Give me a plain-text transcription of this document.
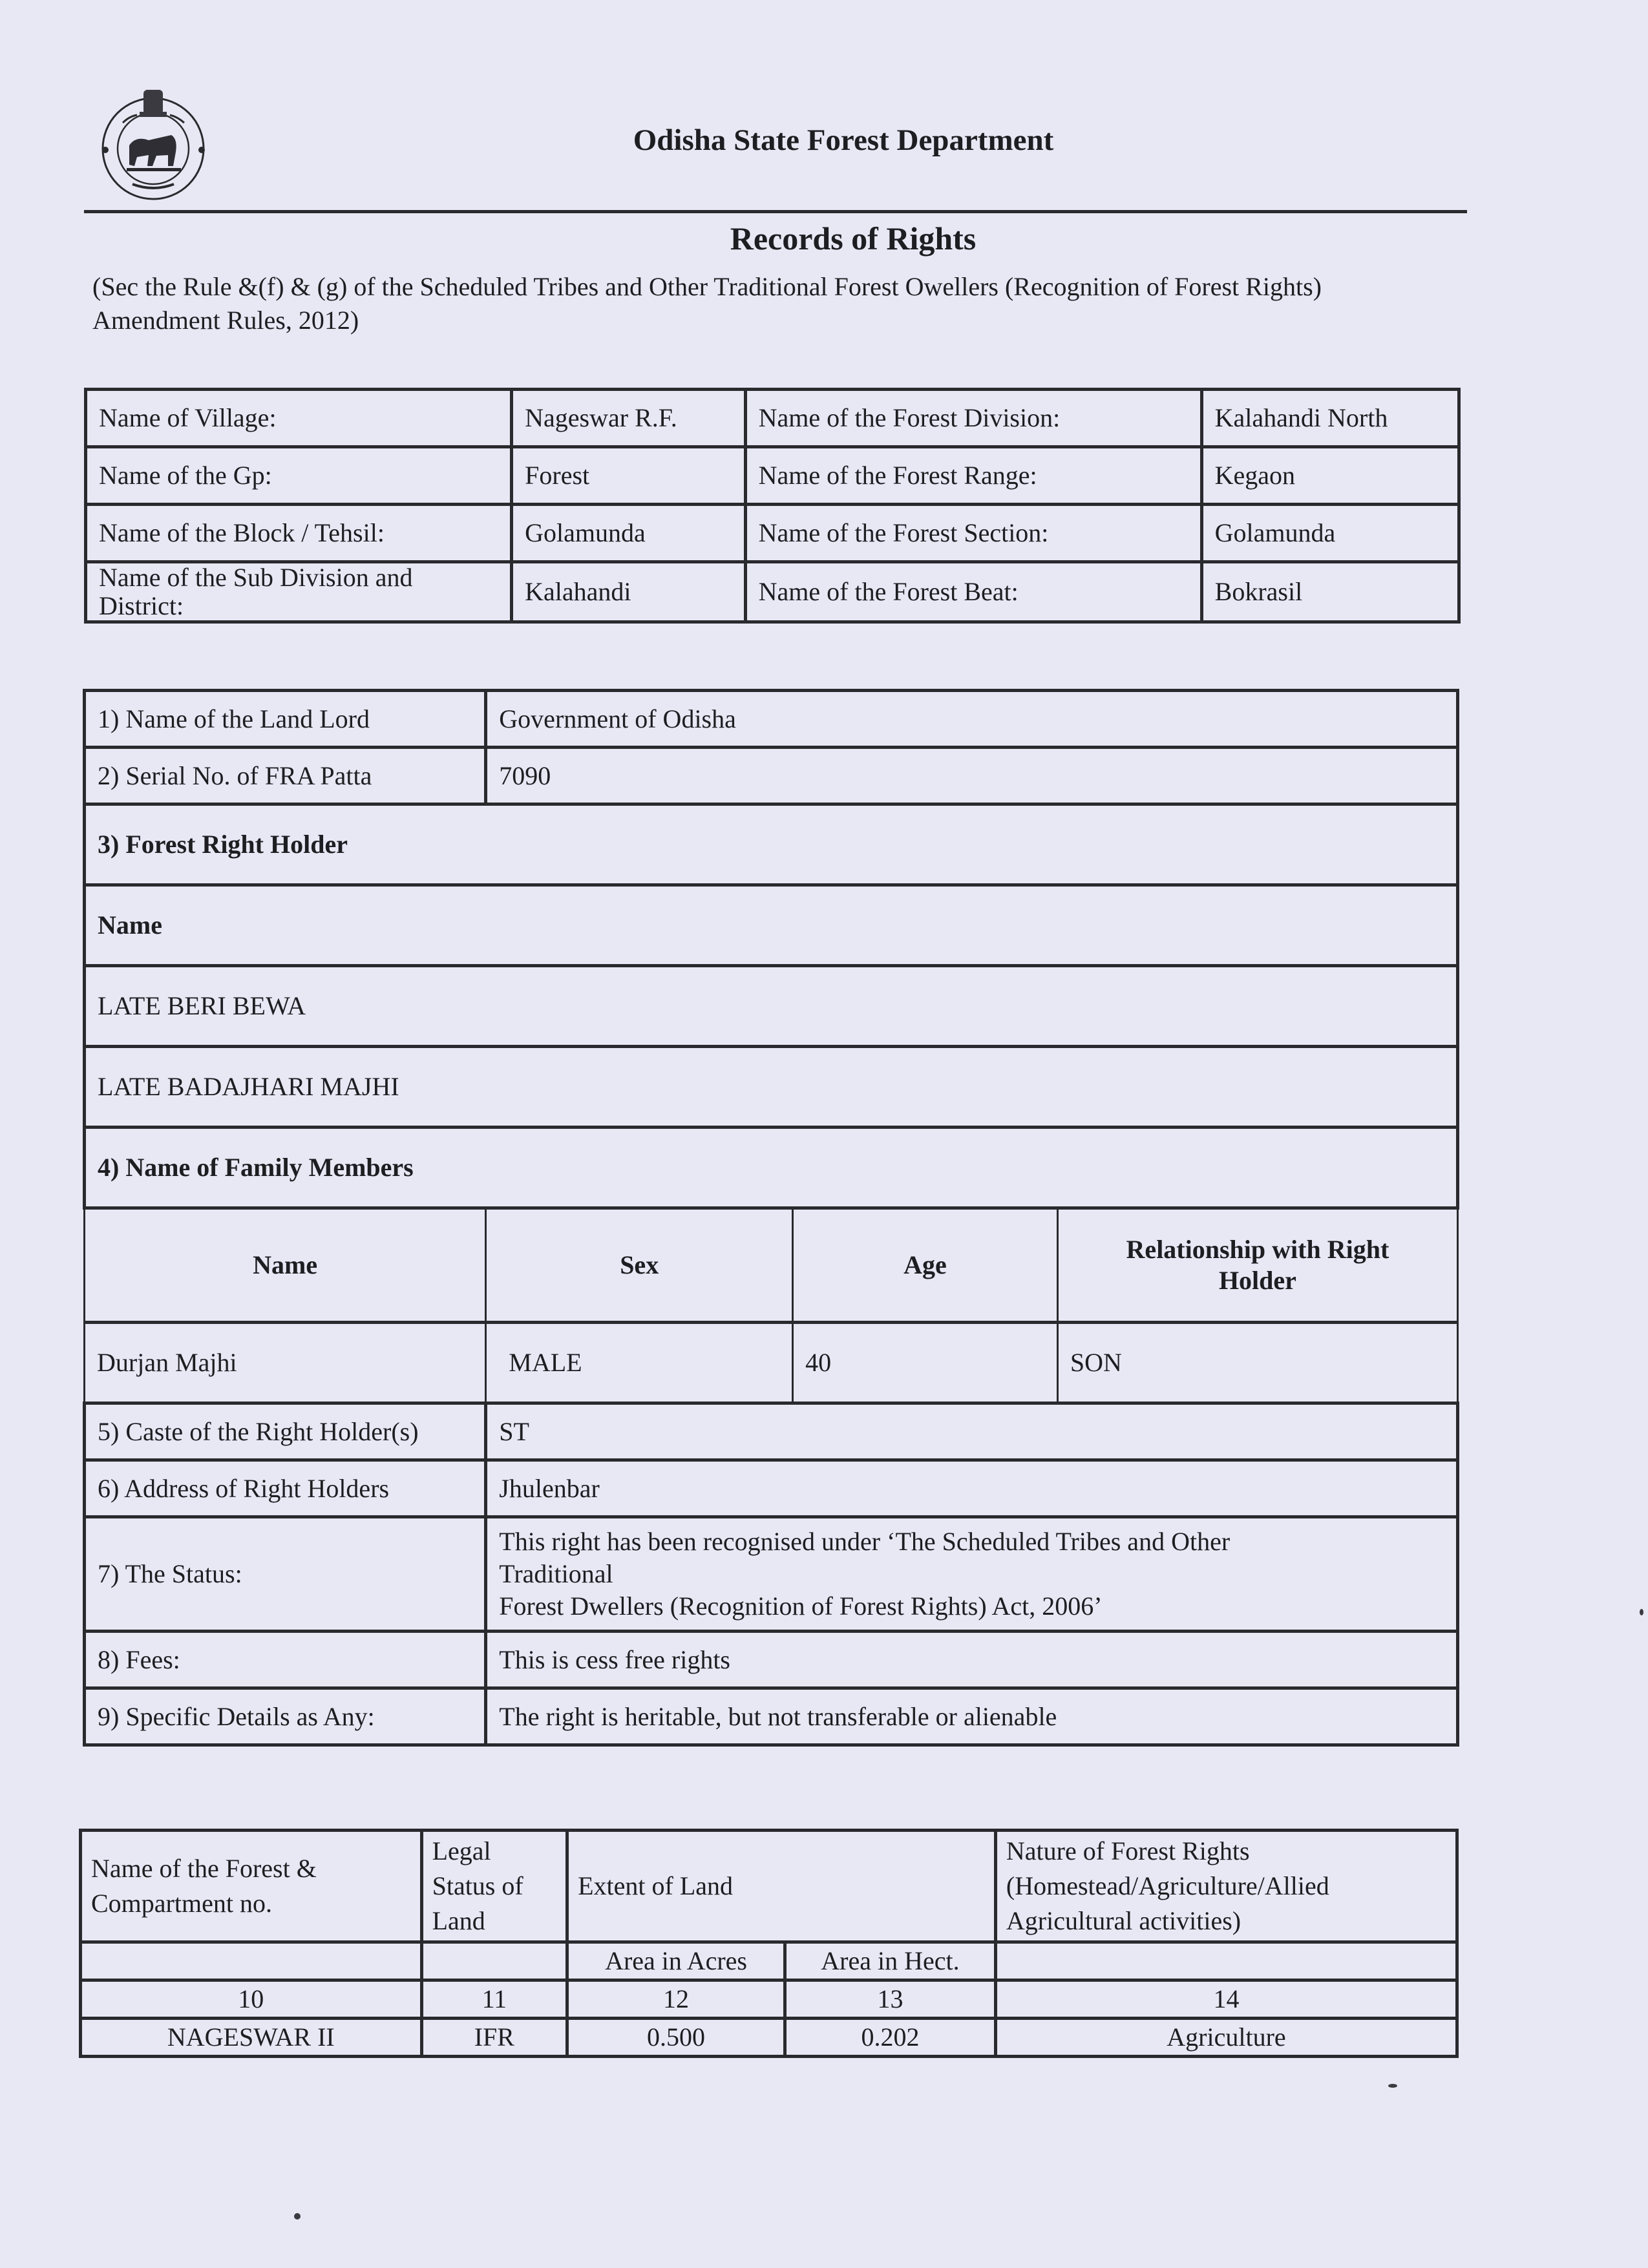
Odisha State Forest Department
Records of Rights
(Sec the Rule &(f) & (g) of the Scheduled Tribes and Other Traditional Forest Owellers (Recognition of Forest Rights) Amendment Rules, 2012)
Name of Village:	Nageswar R.F.	Name of the Forest Division:	Kalahandi North
Name of the Gp:	Forest	Name of the Forest Range:	Kegaon
Name of the Block / Tehsil:	Golamunda	Name of the Forest Section:	Golamunda
Name of the Sub Division and District:	Kalahandi	Name of the Forest Beat:	Bokrasil
1) Name of the Land Lord	Government of Odisha		
2) Serial No. of FRA Patta	7090		
3) Forest Right Holder			
Name			
LATE BERI BEWA			
LATE BADAJHARI MAJHI			
4) Name of Family Members			
Name	Sex	Age	Relationship with Right Holder
Durjan Majhi	MALE	40	SON
5) Caste of the Right Holder(s)	ST		
6) Address of Right Holders	Jhulenbar		
7) The Status:	This right has been recognised under ‘The Scheduled Tribes and Other
Traditional
Forest Dwellers (Recognition of Forest Rights) Act, 2006’		

8) Fees:	This is cess free rights		
9) Specific Details as Any:	The right is heritable, but not transferable or alienable		
Name of the Forest & Compartment no.	Legal Status of Land	Extent of Land		Nature of Forest Rights (Homestead/Agriculture/Allied Agricultural activities)
		Area in Acres	Area in Hect.	
10	11	12	13	14
NAGESWAR II	IFR	0.500	0.202	Agriculture
